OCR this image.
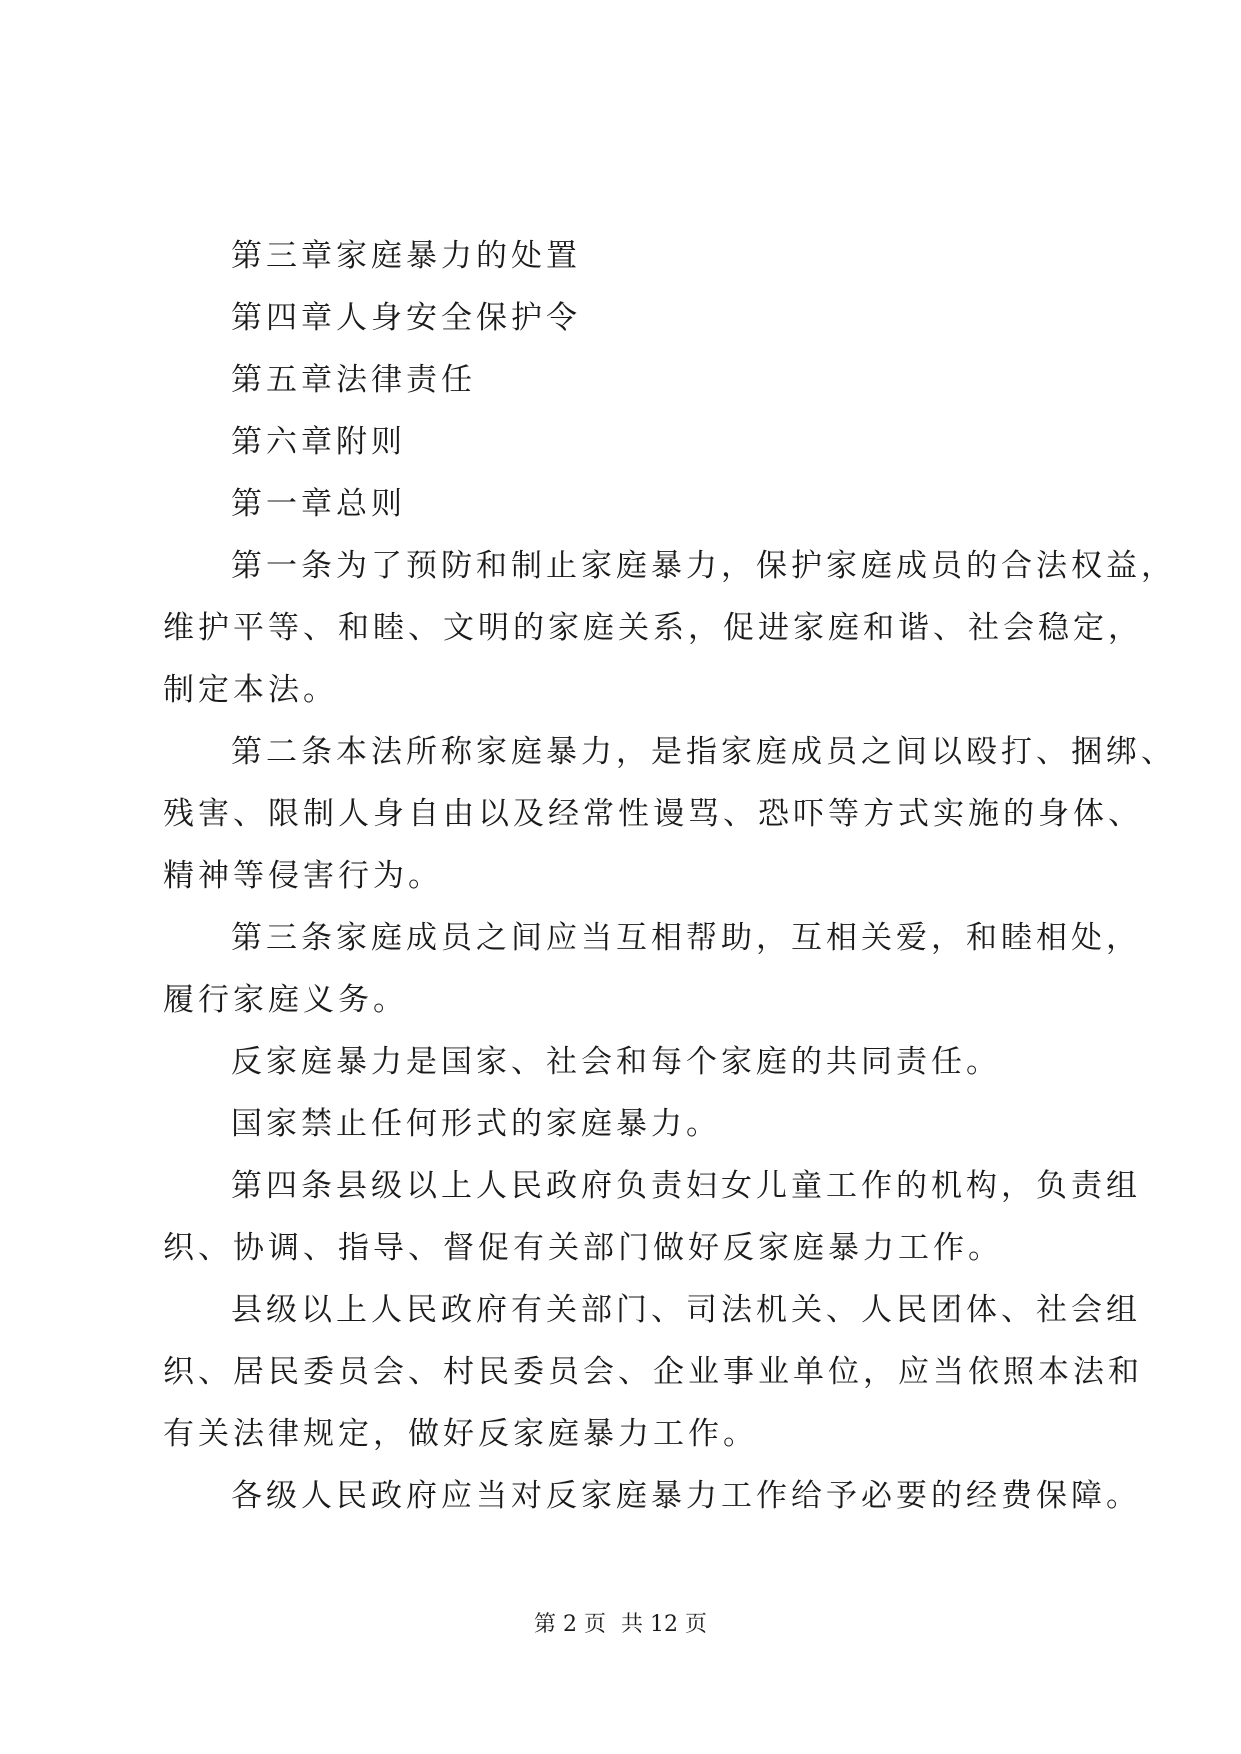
第三章家庭暴力的处置
第四章人身安全保护令
第五章法律责任
第六章附则
第一章总则
第一条为了预防和制止家庭暴力，保护家庭成员的合法权益，
维护平等、和睦、文明的家庭关系，促进家庭和谐、社会稳定，
制定本法。
第二条本法所称家庭暴力，是指家庭成员之间以殴打、捆绑、
残害、限制人身自由以及经常性谩骂、恐吓等方式实施的身体、
精神等侵害行为。
第三条家庭成员之间应当互相帮助，互相关爱，和睦相处，
履行家庭义务。
反家庭暴力是国家、社会和每个家庭的共同责任。
国家禁止任何形式的家庭暴力。
第四条县级以上人民政府负责妇女儿童工作的机构，负责组
织、协调、指导、督促有关部门做好反家庭暴力工作。
县级以上人民政府有关部门、司法机关、人民团体、社会组
织、居民委员会、村民委员会、企业事业单位，应当依照本法和
有关法律规定，做好反家庭暴力工作。
各级人民政府应当对反家庭暴力工作给予必要的经费保障。
第 2 页 共 12 页
